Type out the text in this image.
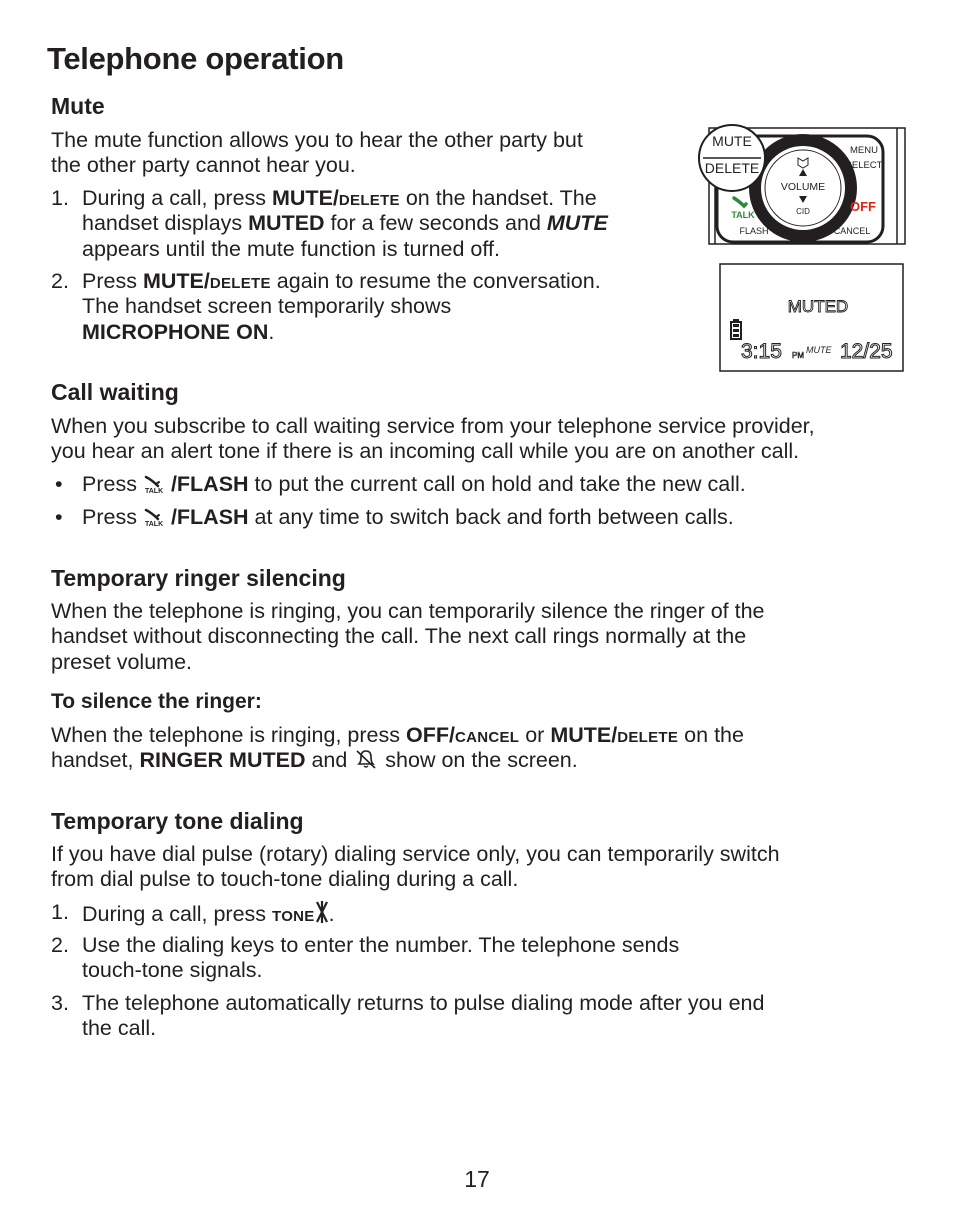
Telephone operation
Mute
The mute function allows you to hear the other party but
the other party cannot hear you.
1. During a call, press MUTE/DELETE on the handset. The
handset displays MUTED for a few seconds and MUTE
appears until the mute function is turned off.
2. Press MUTE/DELETE again to resume the conversation.
The handset screen temporarily shows
MICROPHONE ON.
MUTE
DELETE
MENU
SELECT
VOLUME
CID
TALK
OFF
FLASH	CANCEL
MUTED
3:15 PM
MUTE 12/25
Call waiting
When you subscribe to call waiting service from your telephone service provider,
you hear an alert tone if there is an incoming call while you are on another call.
• Press TALK /FLASH to put the current call on hold and take the new call.
• Press TALK /FLASH at any time to switch back and forth between calls.
Temporary ringer silencing
When the telephone is ringing, you can temporarily silence the ringer of the
handset without disconnecting the call. The next call rings normally at the
preset volume.
To silence the ringer:
When the telephone is ringing, press OFF/CANCEL or MUTE/DELETE on the
handset, RINGER MUTED and  show on the screen.
Temporary tone dialing
If you have dial pulse (rotary) dialing service only, you can temporarily switch
from dial pulse to touch-tone dialing during a call.
1. During a call, press TONE .
2. Use the dialing keys to enter the number. The telephone sends
touch-tone signals.
3. The telephone automatically returns to pulse dialing mode after you end
the call.
17
